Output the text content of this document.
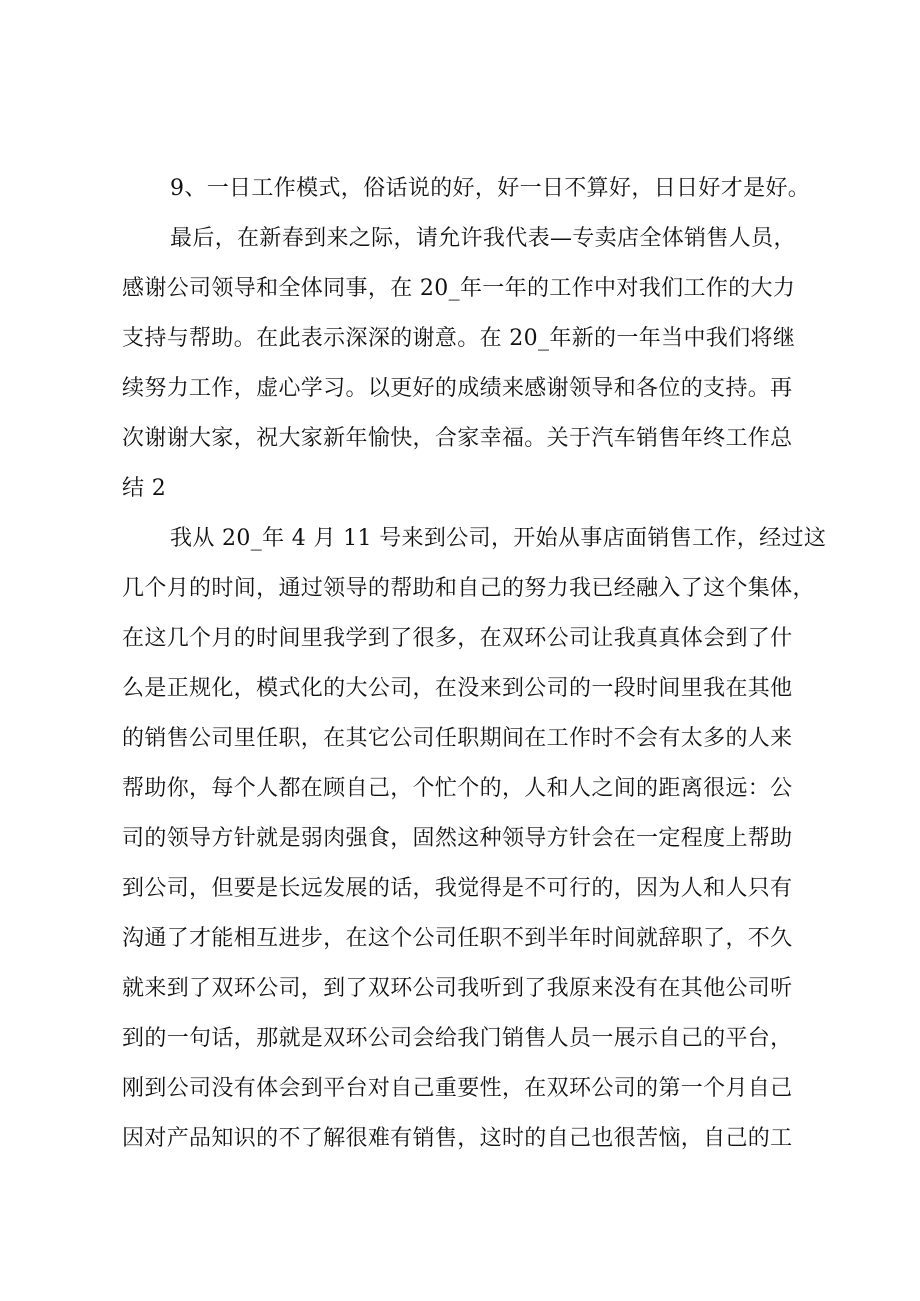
9、一日工作模式，俗话说的好，好一日不算好，日日好才是好。

最后，在新春到来之际，请允许我代表—专卖店全体销售人员，

感谢公司领导和全体同事，在 20_年一年的工作中对我们工作的大力

支持与帮助。在此表示深深的谢意。在 20_年新的一年当中我们将继

续努力工作，虚心学习。以更好的成绩来感谢领导和各位的支持。再

次谢谢大家，祝大家新年愉快，合家幸福。关于汽车销售年终工作总

结 2

我从 20_年 4 月 11 号来到公司，开始从事店面销售工作，经过这

几个月的时间，通过领导的帮助和自己的努力我已经融入了这个集体，

在这几个月的时间里我学到了很多，在双环公司让我真真体会到了什

么是正规化，模式化的大公司，在没来到公司的一段时间里我在其他

的销售公司里任职，在其它公司任职期间在工作时不会有太多的人来

帮助你，每个人都在顾自己，个忙个的，人和人之间的距离很远：公

司的领导方针就是弱肉强食，固然这种领导方针会在一定程度上帮助

到公司，但要是长远发展的话，我觉得是不可行的，因为人和人只有

沟通了才能相互进步，在这个公司任职不到半年时间就辞职了，不久

就来到了双环公司，到了双环公司我听到了我原来没有在其他公司听

到的一句话，那就是双环公司会给我门销售人员一展示自己的平台，

刚到公司没有体会到平台对自己重要性，在双环公司的第一个月自己

因对产品知识的不了解很难有销售，这时的自己也很苦恼，自己的工
